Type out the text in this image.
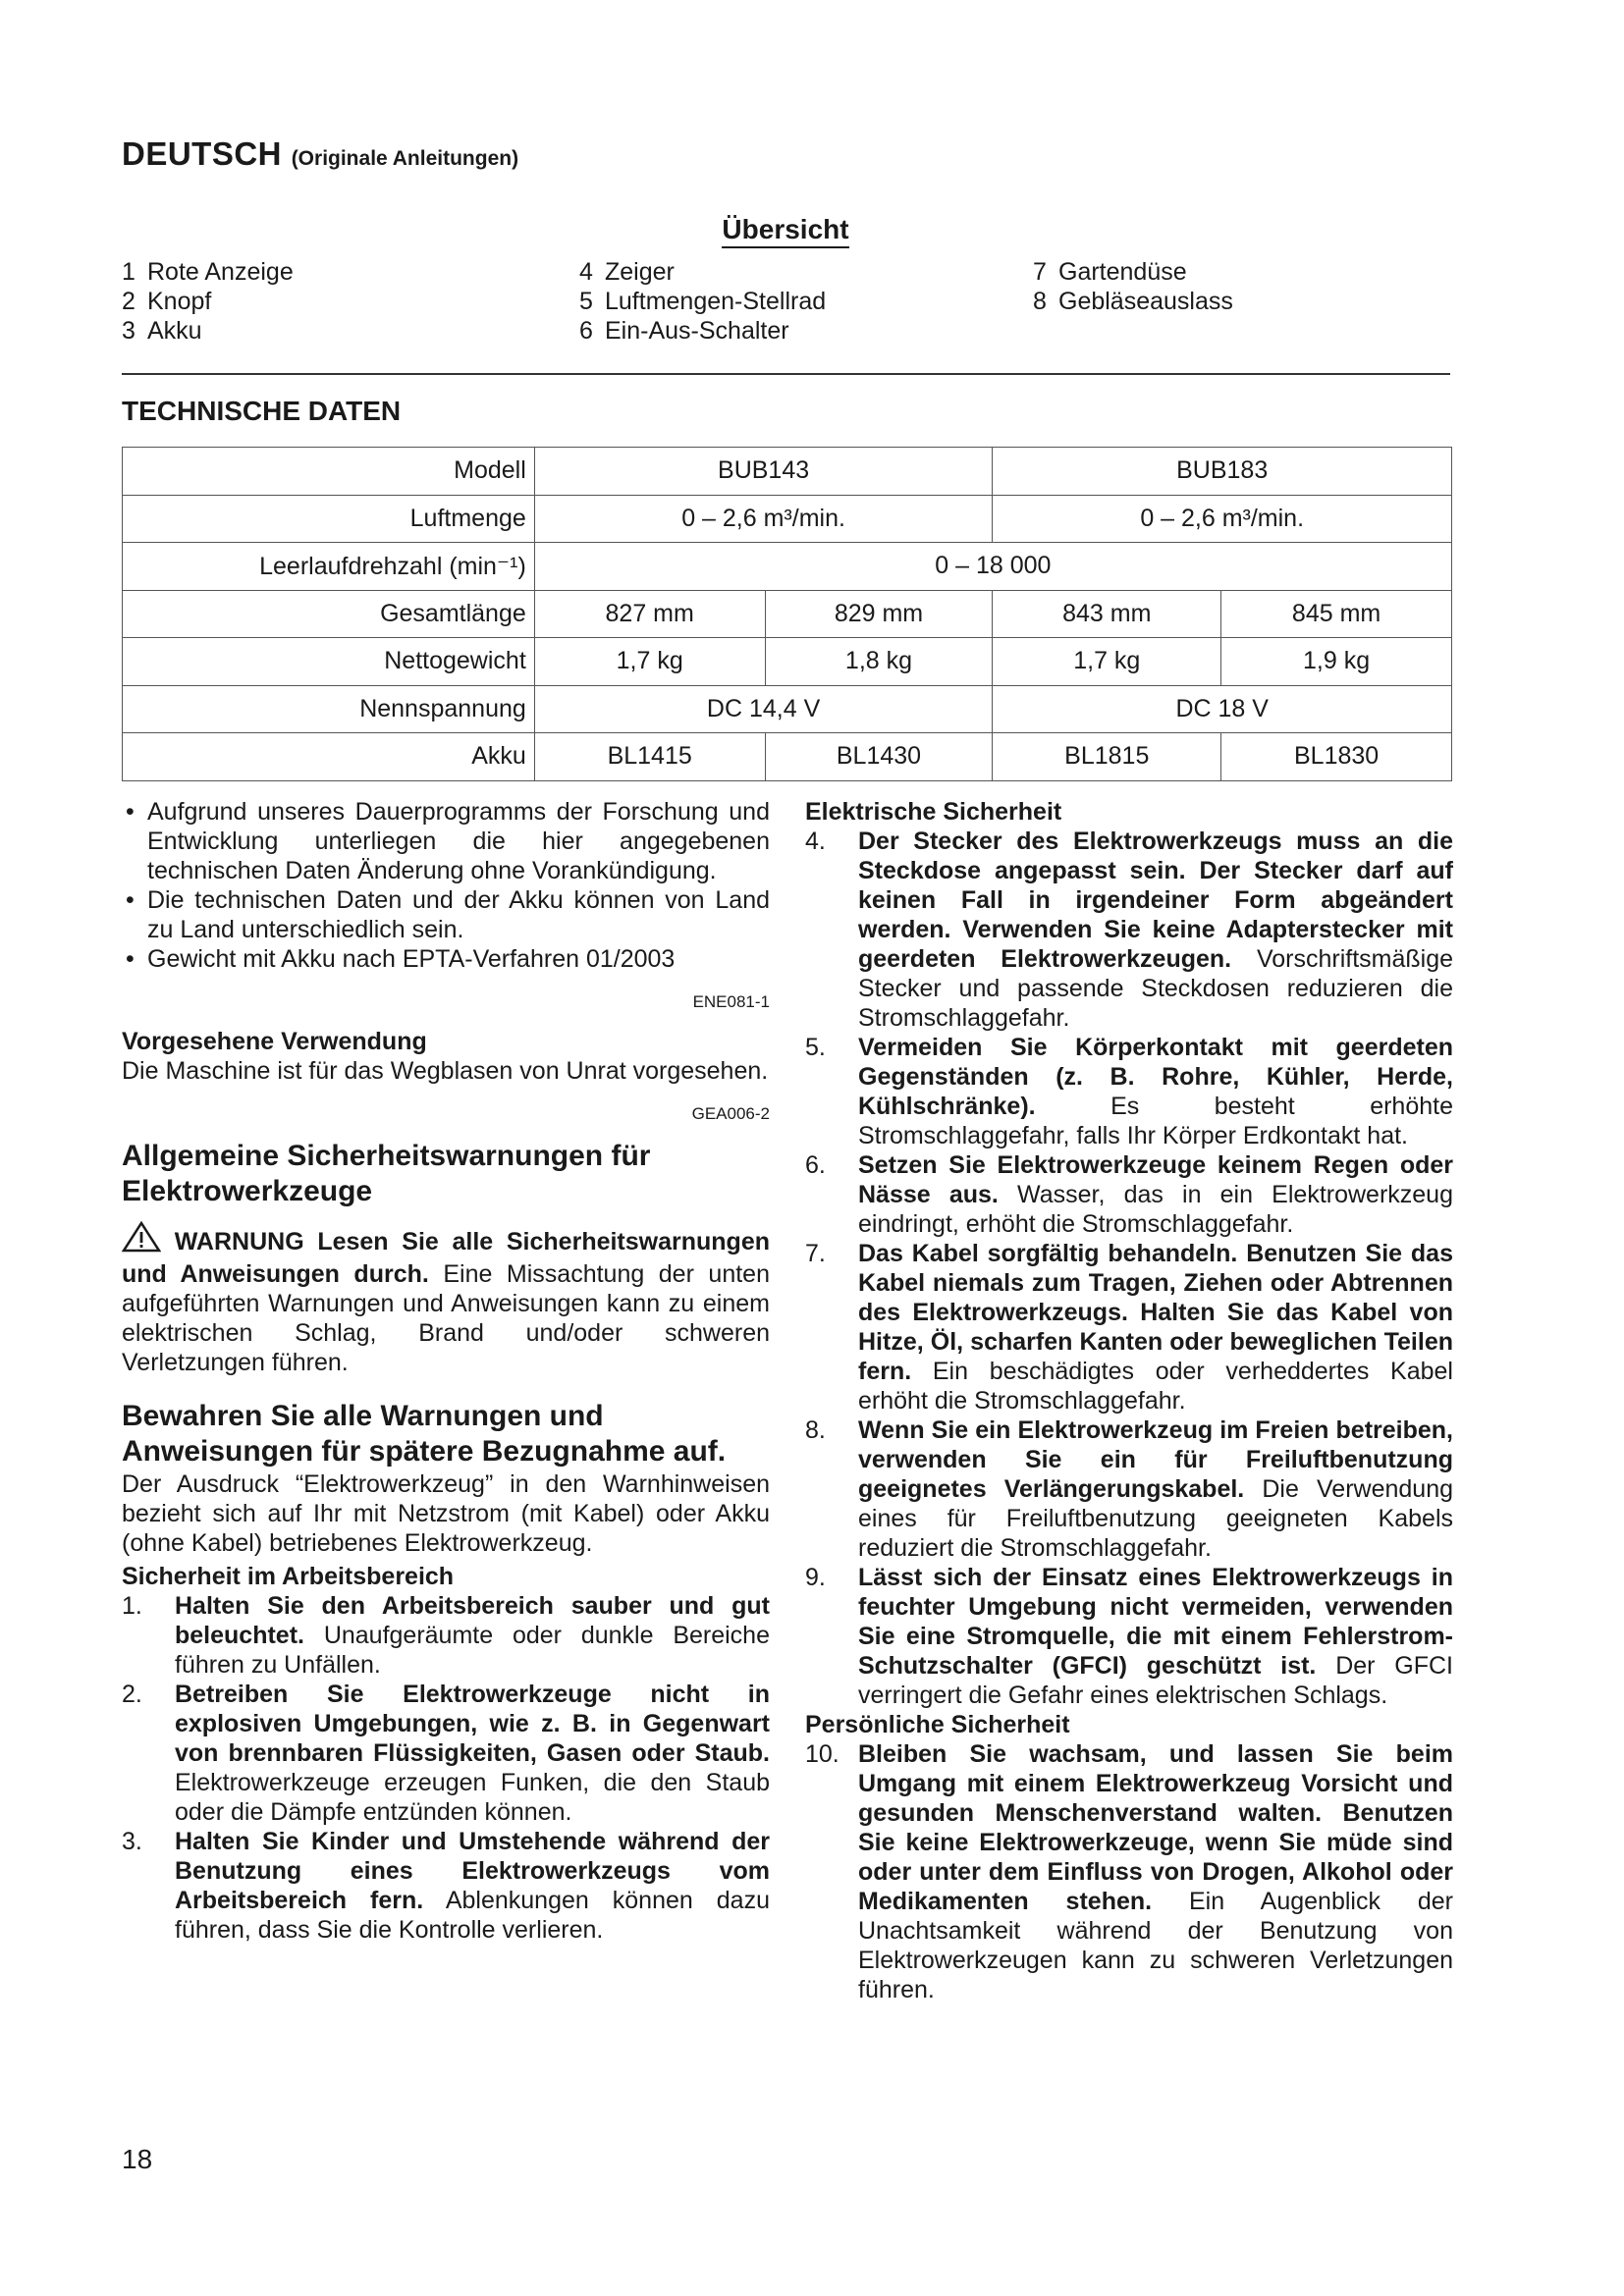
DEUTSCH (Originale Anleitungen)
Übersicht
1 Rote Anzeige
2 Knopf
3 Akku
4 Zeiger
5 Luftmengen-Stellrad
6 Ein-Aus-Schalter
7 Gartendüse
8 Gebläseauslass
TECHNISCHE DATEN
Modell	BUB143		BUB183	
Luftmenge	0 – 2,6 m³/min.		0 – 2,6 m³/min.	
Leerlaufdrehzahl (min⁻¹)	0 – 18 000			
Gesamtlänge	827 mm	829 mm	843 mm	845 mm
Nettogewicht	1,7 kg	1,8 kg	1,7 kg	1,9 kg
Nennspannung	DC 14,4 V		DC 18 V	
Akku	BL1415	BL1430	BL1815	BL1830
• Aufgrund unseres Dauerprogramms der Forschung und Entwicklung unterliegen die hier angegebenen technischen Daten Änderung ohne Vorankündigung.
• Die technischen Daten und der Akku können von Land zu Land unterschiedlich sein.
• Gewicht mit Akku nach EPTA-Verfahren 01/2003
ENE081-1
Vorgesehene Verwendung
Die Maschine ist für das Wegblasen von Unrat vorgesehen.
GEA006-2
Allgemeine Sicherheitswarnungen für Elektrowerkzeuge
WARNUNG Lesen Sie alle Sicherheitswarnungen und Anweisungen durch. Eine Missachtung der unten aufgeführten Warnungen und Anweisungen kann zu einem elektrischen Schlag, Brand und/oder schweren Verletzungen führen.
Bewahren Sie alle Warnungen und Anweisungen für spätere Bezugnahme auf.
Der Ausdruck “Elektrowerkzeug” in den Warnhinweisen bezieht sich auf Ihr mit Netzstrom (mit Kabel) oder Akku (ohne Kabel) betriebenes Elektrowerkzeug.
Sicherheit im Arbeitsbereich
1.	Halten Sie den Arbeitsbereich sauber und gut beleuchtet. Unaufgeräumte oder dunkle Bereiche führen zu Unfällen.
2.	Betreiben Sie Elektrowerkzeuge nicht in explosiven Umgebungen, wie z. B. in Gegenwart von brennbaren Flüssigkeiten, Gasen oder Staub. Elektrowerkzeuge erzeugen Funken, die den Staub oder die Dämpfe entzünden können.
3.	Halten Sie Kinder und Umstehende während der Benutzung eines Elektrowerkzeugs vom Arbeitsbereich fern. Ablenkungen können dazu führen, dass Sie die Kontrolle verlieren.
Elektrische Sicherheit
4.	Der Stecker des Elektrowerkzeugs muss an die Steckdose angepasst sein. Der Stecker darf auf keinen Fall in irgendeiner Form abgeändert werden. Verwenden Sie keine Adapterstecker mit geerdeten Elektrowerkzeugen. Vorschriftsmäßige Stecker und passende Steckdosen reduzieren die Stromschlaggefahr.
5.	Vermeiden Sie Körperkontakt mit geerdeten Gegenständen (z. B. Rohre, Kühler, Herde, Kühlschränke).	Es besteht erhöhte Stromschlaggefahr, falls Ihr Körper Erdkontakt hat.
6.	Setzen Sie Elektrowerkzeuge keinem Regen oder Nässe aus. Wasser, das in ein Elektrowerkzeug eindringt, erhöht die Stromschlaggefahr.
7.	Das Kabel sorgfältig behandeln. Benutzen Sie das Kabel niemals zum Tragen, Ziehen oder Abtrennen des Elektrowerkzeugs. Halten Sie das Kabel von Hitze, Öl, scharfen Kanten oder beweglichen Teilen fern. Ein beschädigtes oder verheddertes Kabel erhöht die Stromschlaggefahr.
8.	Wenn Sie ein Elektrowerkzeug im Freien betreiben, verwenden Sie ein für Freiluftbenutzung geeignetes Verlängerungskabel. Die Verwendung eines für Freiluftbenutzung geeigneten Kabels reduziert die Stromschlaggefahr.
9.	Lässt sich der Einsatz eines Elektrowerkzeugs in feuchter Umgebung nicht vermeiden, verwenden Sie eine Stromquelle, die mit einem Fehlerstrom-Schutzschalter (GFCI) geschützt ist. Der GFCI verringert die Gefahr eines elektrischen Schlags.
Persönliche Sicherheit
10. Bleiben Sie wachsam, und lassen Sie beim Umgang mit einem Elektrowerkzeug Vorsicht und gesunden Menschenverstand walten. Benutzen Sie keine Elektrowerkzeuge, wenn Sie müde sind oder unter dem Einfluss von Drogen, Alkohol oder Medikamenten stehen. Ein Augenblick der Unachtsamkeit während der Benutzung von Elektrowerkzeugen kann zu schweren Verletzungen führen.
18
